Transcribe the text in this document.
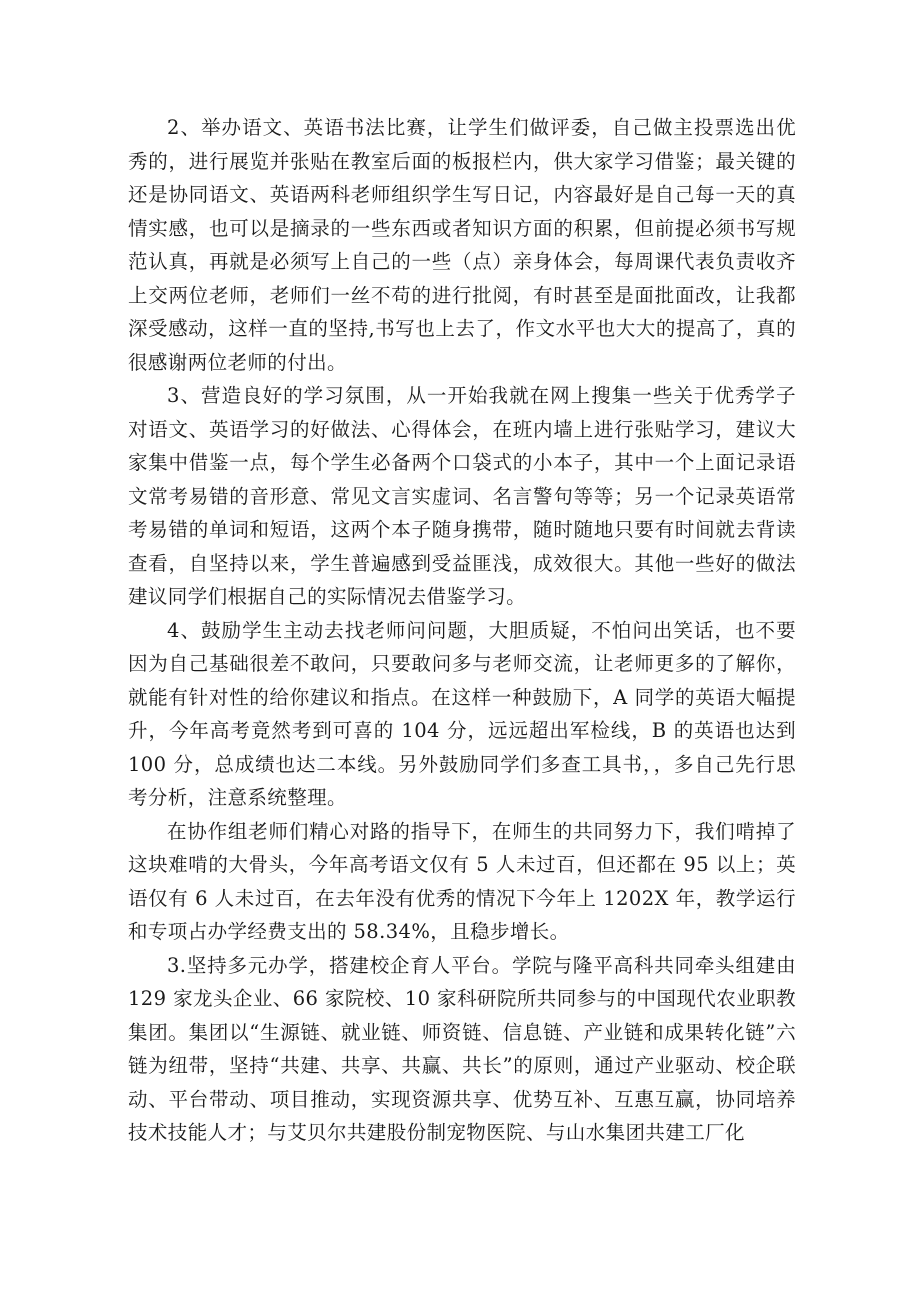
2、举办语文、英语书法比赛，让学生们做评委，自己做主投票选出优秀的，进行展览并张贴在教室后面的板报栏内，供大家学习借鉴；最关键的还是协同语文、英语两科老师组织学生写日记，内容最好是自己每一天的真情实感，也可以是摘录的一些东西或者知识方面的积累，但前提必须书写规范认真，再就是必须写上自己的一些（点）亲身体会，每周课代表负责收齐上交两位老师，老师们一丝不苟的进行批阅，有时甚至是面批面改，让我都深受感动，这样一直的坚持,书写也上去了，作文水平也大大的提高了，真的很感谢两位老师的付出。

3、营造良好的学习氛围，从一开始我就在网上搜集一些关于优秀学子对语文、英语学习的好做法、心得体会，在班内墙上进行张贴学习，建议大家集中借鉴一点，每个学生必备两个口袋式的小本子，其中一个上面记录语文常考易错的音形意、常见文言实虚词、名言警句等等；另一个记录英语常考易错的单词和短语，这两个本子随身携带，随时随地只要有时间就去背读查看，自坚持以来，学生普遍感到受益匪浅，成效很大。其他一些好的做法建议同学们根据自己的实际情况去借鉴学习。

4、鼓励学生主动去找老师问问题，大胆质疑，不怕问出笑话，也不要因为自己基础很差不敢问，只要敢问多与老师交流，让老师更多的了解你，就能有针对性的给你建议和指点。在这样一种鼓励下，A 同学的英语大幅提升，今年高考竟然考到可喜的 104 分，远远超出军检线，B 的英语也达到 100 分，总成绩也达二本线。另外鼓励同学们多查工具书，，多自己先行思考分析，注意系统整理。

在协作组老师们精心对路的指导下，在师生的共同努力下，我们啃掉了这块难啃的大骨头，今年高考语文仅有 5 人未过百，但还都在 95 以上；英语仅有 6 人未过百，在去年没有优秀的情况下今年上 1202X 年，教学运行和专项占办学经费支出的 58.34%，且稳步增长。

3.坚持多元办学，搭建校企育人平台。学院与隆平高科共同牵头组建由 129 家龙头企业、66 家院校、10 家科研院所共同参与的中国现代农业职教集团。集团以“生源链、就业链、师资链、信息链、产业链和成果转化链”六链为纽带，坚持“共建、共享、共赢、共长”的原则，通过产业驱动、校企联动、平台带动、项目推动，实现资源共享、优势互补、互惠互赢，协同培养技术技能人才；与艾贝尔共建股份制宠物医院、与山水集团共建工厂化
